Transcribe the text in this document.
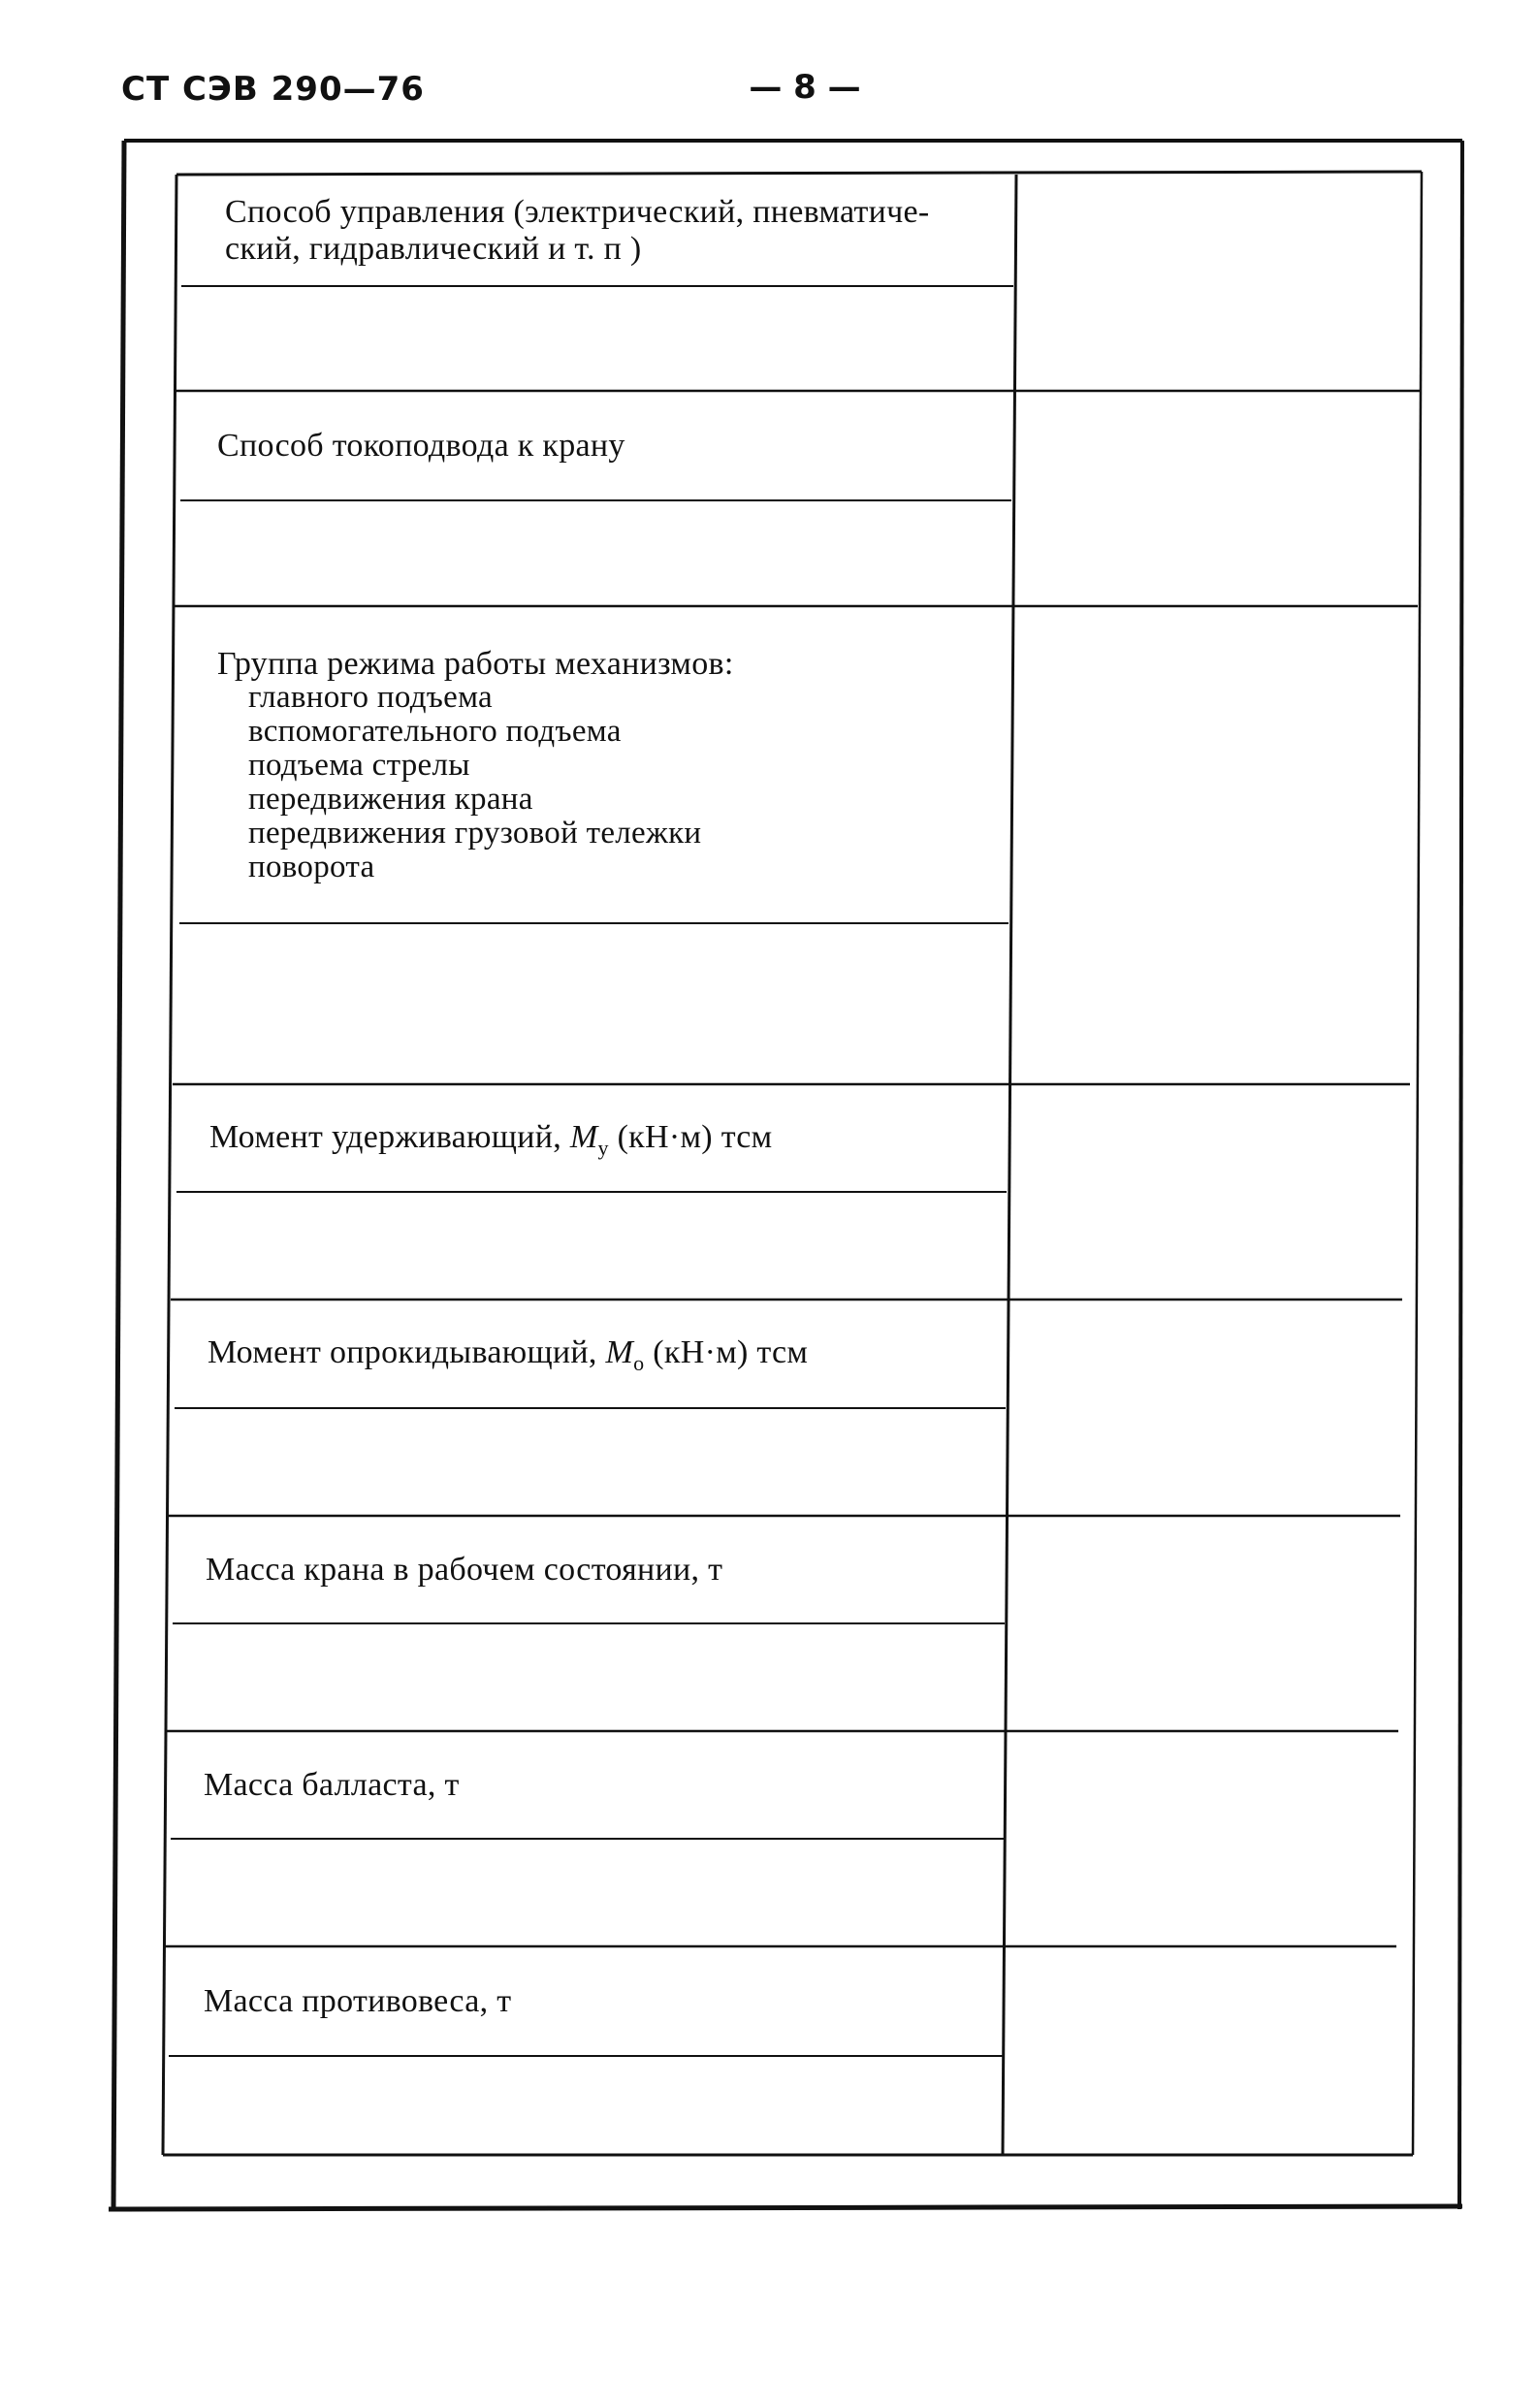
СТ СЭВ 290—76	— 8 —
Способ управления (электрический, пневматиче-
ский, гидравлический и т. п )
Способ токоподвода к крану
Группа режима работы механизмов:
главного подъема
вспомогательного подъема
подъема стрелы
передвижения крана
передвижения грузовой тележки
поворота
Момент удерживающий, $M_у$ (кН·м) тсм
Момент опрокидывающий, $M_о$ (кН·м) тсм
Масса крана в рабочем состоянии, т
Масса балласта, т
Масса противовеса, т
